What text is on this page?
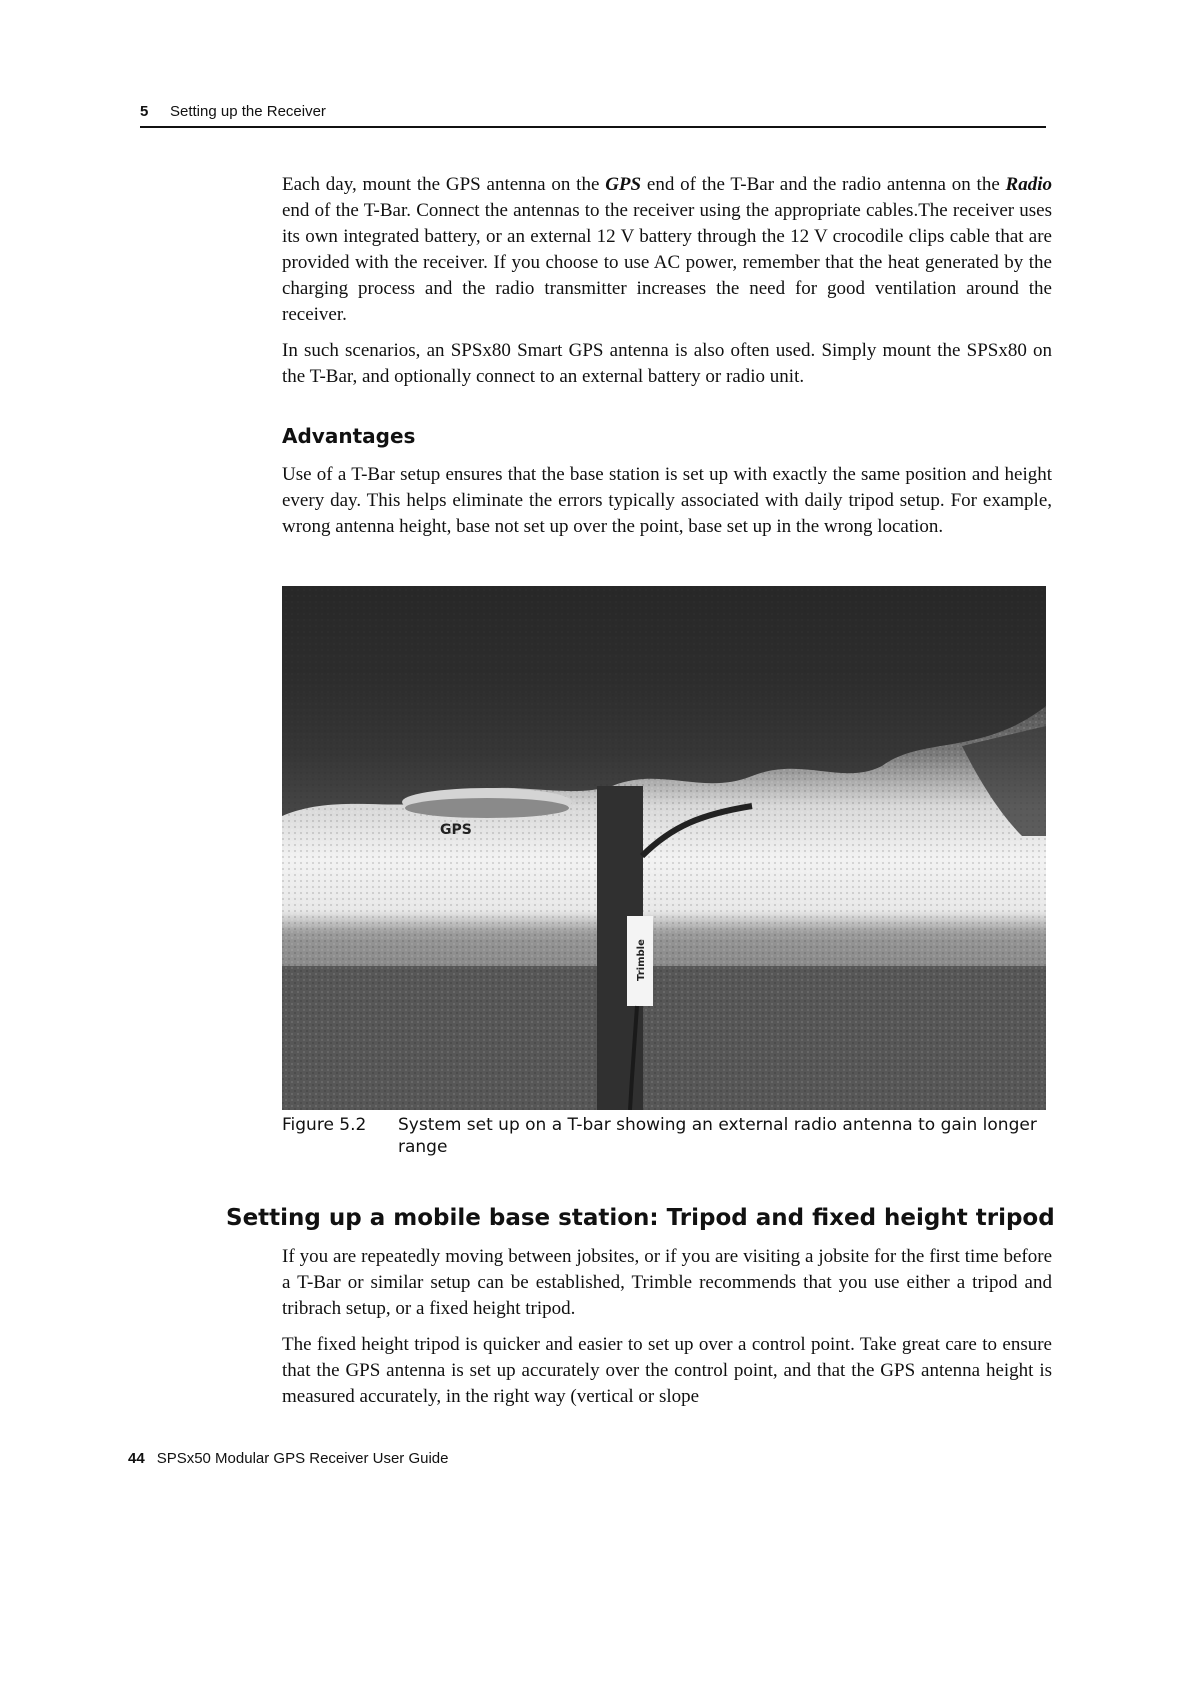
5 Setting up the Receiver

Each day, mount the GPS antenna on the GPS end of the T-Bar and the radio antenna on the Radio end of the T-Bar. Connect the antennas to the receiver using the appropriate cables.The receiver uses its own integrated battery, or an external 12 V battery through the 12 V crocodile clips cable that are provided with the receiver. If you choose to use AC power, remember that the heat generated by the charging process and the radio transmitter increases the need for good ventilation around the receiver.

In such scenarios, an SPSx80 Smart GPS antenna is also often used. Simply mount the SPSx80 on the T-Bar, and optionally connect to an external battery or radio unit.

Advantages
Use of a T-Bar setup ensures that the base station is set up with exactly the same position and height every day. This helps eliminate the errors typically associated with daily tripod setup. For example, wrong antenna height, base not set up over the point, base set up in the wrong location.
GPS
Trimble
Figure 5.2	System set up on a T-bar showing an external radio antenna to gain longer range
Setting up a mobile base station: Tripod and fixed height tripod

If you are repeatedly moving between jobsites, or if you are visiting a jobsite for the first time before a T-Bar or similar setup can be established, Trimble recommends that you use either a tripod and tribrach setup, or a fixed height tripod.

The fixed height tripod is quicker and easier to set up over a control point. Take great care to ensure that the GPS antenna is set up accurately over the control point, and that the GPS antenna height is measured accurately, in the right way (vertical or slope

44 SPSx50 Modular GPS Receiver User Guide
